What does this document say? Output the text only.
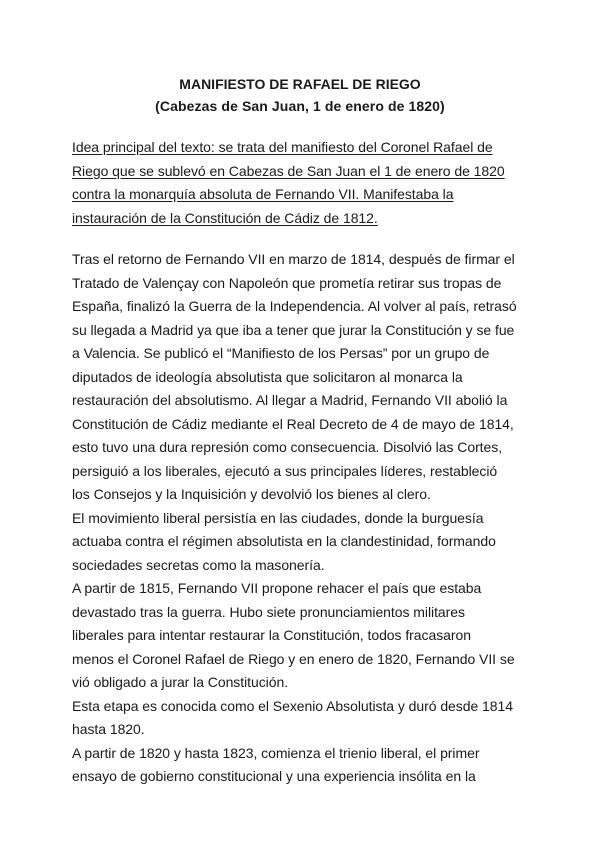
MANIFIESTO DE RAFAEL DE RIEGO

(Cabezas de San Juan, 1 de enero de 1820)

Idea principal del texto: se trata del manifiesto del Coronel Rafael de
Riego que se sublevó en Cabezas de San Juan el 1 de enero de 1820
contra la monarquía absoluta de Fernando VII. Manifestaba la
instauración de la Constitución de Cádiz de 1812.
Tras el retorno de Fernando VII en marzo de 1814, después de firmar el
Tratado de Valençay con Napoleón que prometía retirar sus tropas de
España, finalizó la Guerra de la Independencia. Al volver al país, retrasó
su llegada a Madrid ya que iba a tener que jurar la Constitución y se fue
a Valencia. Se publicó el “Manifiesto de los Persas” por un grupo de
diputados de ideología absolutista que solicitaron al monarca la
restauración del absolutismo. Al llegar a Madrid, Fernando VII abolió la
Constitución de Cádiz mediante el Real Decreto de 4 de mayo de 1814,
esto tuvo una dura represión como consecuencia. Disolvió las Cortes,
persiguió a los liberales, ejecutó a sus principales líderes, restableció
los Consejos y la Inquisición y devolvió los bienes al clero.
El movimiento liberal persistía en las ciudades, donde la burguesía
actuaba contra el régimen absolutista en la clandestinidad, formando
sociedades secretas como la masonería.
A partir de 1815, Fernando VII propone rehacer el país que estaba
devastado tras la guerra. Hubo siete pronunciamientos militares
liberales para intentar restaurar la Constitución, todos fracasaron
menos el Coronel Rafael de Riego y en enero de 1820, Fernando VII se
vió obligado a jurar la Constitución.
Esta etapa es conocida como el Sexenio Absolutista y duró desde 1814
hasta 1820.
A partir de 1820 y hasta 1823, comienza el trienio liberal, el primer
ensayo de gobierno constitucional y una experiencia insólita en la
